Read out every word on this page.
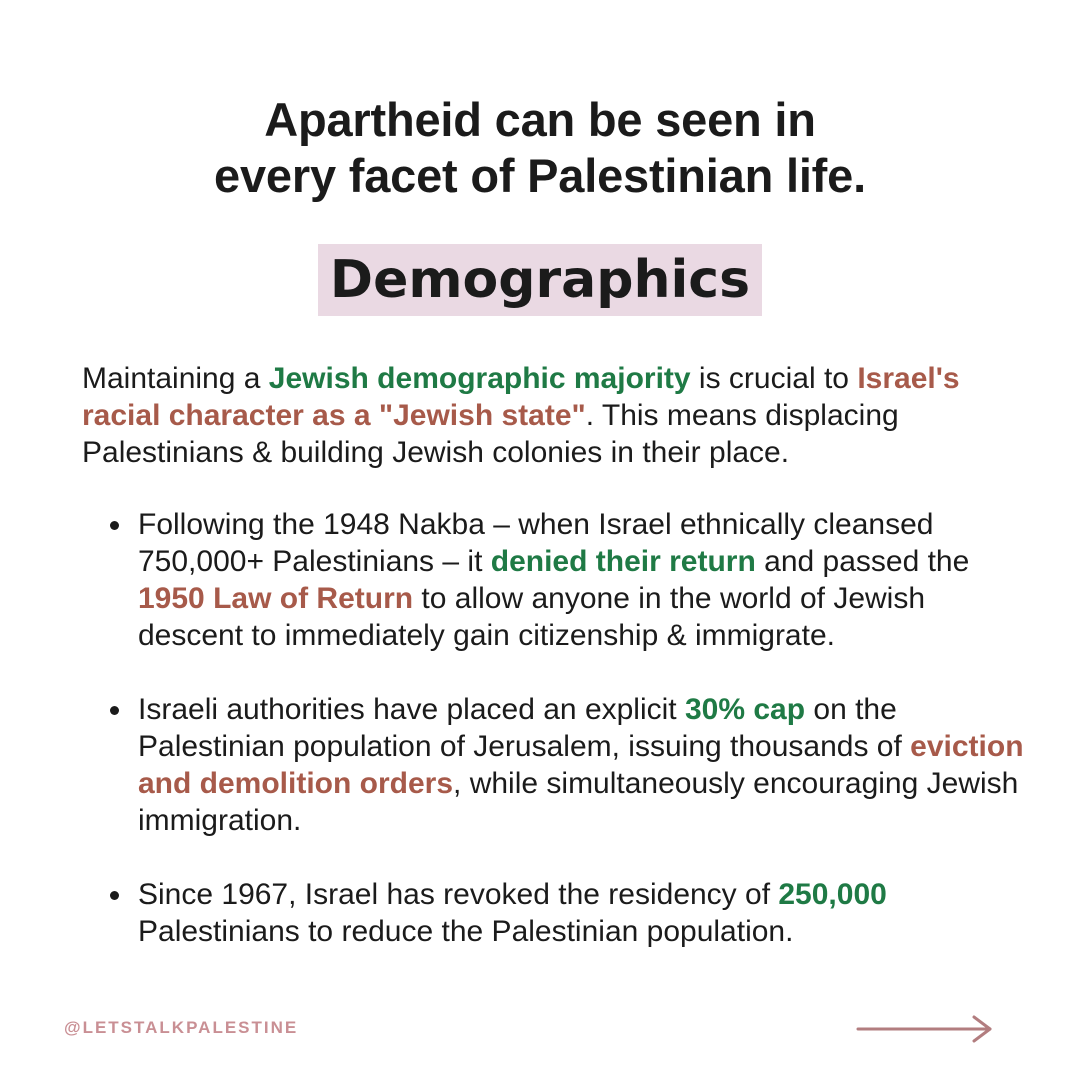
Apartheid can be seen in
every facet of Palestinian life.
Demographics

Maintaining a Jewish demographic majority is crucial to Israel's racial character as a "Jewish state". This means displacing Palestinians & building Jewish colonies in their place.

Following the 1948 Nakba – when Israel ethnically cleansed 750,000+ Palestinians – it denied their return and passed the 1950 Law of Return to allow anyone in the world of Jewish descent to immediately gain citizenship & immigrate.
Israeli authorities have placed an explicit 30% cap on the Palestinian population of Jerusalem, issuing thousands of eviction and demolition orders, while simultaneously encouraging Jewish immigration.
Since 1967, Israel has revoked the residency of 250,000 Palestinians to reduce the Palestinian population.
@LETSTALKPALESTINE
